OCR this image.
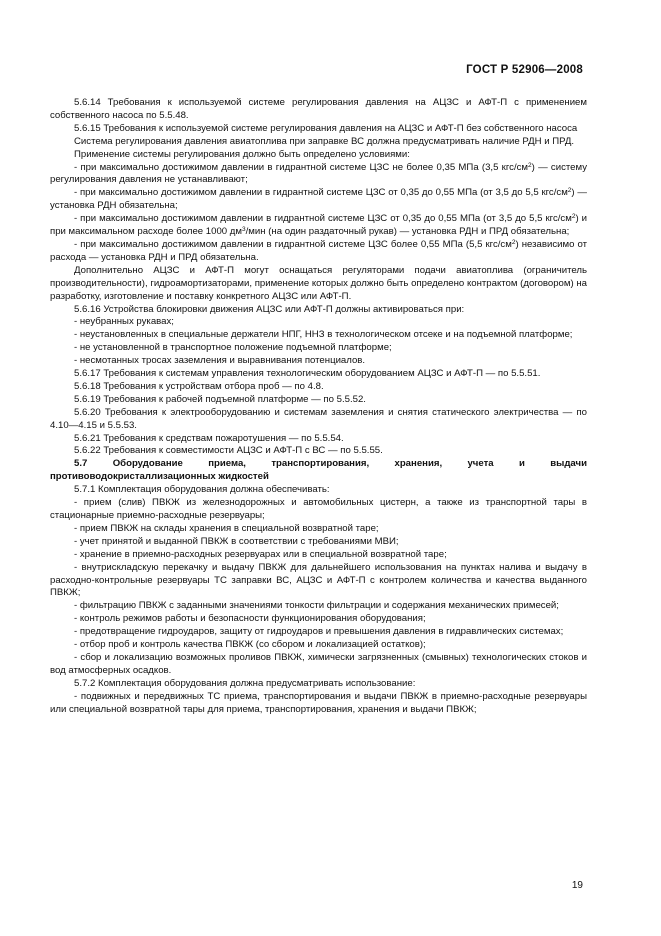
ГОСТ Р 52906—2008

5.6.14 Требования к используемой системе регулирования давления на АЦЗС и АФТ-П с применением собственного насоса по 5.5.48.

5.6.15 Требования к используемой системе регулирования давления на АЦЗС и АФТ-П без собственного насоса

Система регулирования давления авиатоплива при заправке ВС должна предусматривать наличие РДН и ПРД.

Применение системы регулирования должно быть определено условиями:

- при максимально достижимом давлении в гидрантной системе ЦЗС не более 0,35 МПа (3,5 кгс/$см^2$) — систему регулирования давления не устанавливают;

- при максимально достижимом давлении в гидрантной системе ЦЗС от 0,35 до 0,55 МПа (от 3,5 до 5,5 кгс/$см^2$) — установка РДН обязательна;

- при максимально достижимом давлении в гидрантной системе ЦЗС от 0,35 до 0,55 МПа (от 3,5 до 5,5 кгс/$см^2$) и при максимальном расходе более 1000 $дм^3$/мин (на один раздаточный рукав) — установка РДН и ПРД обязательна;

- при максимально достижимом давлении в гидрантной системе ЦЗС более 0,55 МПа (5,5 кгс/$см^2$) независимо от расхода — установка РДН и ПРД обязательна.

Дополнительно АЦЗС и АФТ-П могут оснащаться регуляторами подачи авиатоплива (ограничитель производительности), гидроамортизаторами, применение которых должно быть определено контрактом (договором) на разработку, изготовление и поставку конкретного АЦЗС или АФТ-П.

5.6.16 Устройства блокировки движения АЦЗС или АФТ-П должны активироваться при:

- неубранных рукавах;

- неустановленных в специальные держатели НПГ, ННЗ в технологическом отсеке и на подъемной платформе;

- не установленной в транспортное положение подъемной платформе;

- несмотанных тросах заземления и выравнивания потенциалов.

5.6.17 Требования к системам управления технологическим оборудованием АЦЗС и АФТ-П — по 5.5.51.

5.6.18 Требования к устройствам отбора проб — по 4.8.

5.6.19 Требования к рабочей подъемной платформе — по 5.5.52.

5.6.20 Требования к электрооборудованию и системам заземления и снятия статического электричества — по 4.10—4.15 и 5.5.53.

5.6.21 Требования к средствам пожаротушения — по 5.5.54.

5.6.22 Требования к совместимости АЦЗС и АФТ-П с ВС — по 5.5.55.

5.7 Оборудование приема, транспортирования, хранения, учета и выдачи противоводокристаллизационных жидкостей

5.7.1 Комплектация оборудования должна обеспечивать:

- прием (слив) ПВКЖ из железнодорожных и автомобильных цистерн, а также из транспортной тары в стационарные приемно-расходные резервуары;

- прием ПВКЖ на склады хранения в специальной возвратной таре;

- учет принятой и выданной ПВКЖ в соответствии с требованиями МВИ;

- хранение в приемно-расходных резервуарах или в специальной возвратной таре;

- внутрискладскую перекачку и выдачу ПВКЖ для дальнейшего использования на пунктах налива и выдачу в расходно-контрольные резервуары ТС заправки ВС, АЦЗС и АФТ-П с контролем количества и качества выданного ПВКЖ;

- фильтрацию ПВКЖ с заданными значениями тонкости фильтрации и содержания механических примесей;

- контроль режимов работы и безопасности функционирования оборудования;

- предотвращение гидроударов, защиту от гидроударов и превышения давления в гидравлических системах;

- отбор проб и контроль качества ПВКЖ (со сбором и локализацией остатков);

- сбор и локализацию возможных проливов ПВКЖ, химически загрязненных (смывных) технологических стоков и вод атмосферных осадков.

5.7.2 Комплектация оборудования должна предусматривать использование:

- подвижных и передвижных ТС приема, транспортирования и выдачи ПВКЖ в приемно-расходные резервуары или специальной возвратной тары для приема, транспортирования, хранения и выдачи ПВКЖ;

19
